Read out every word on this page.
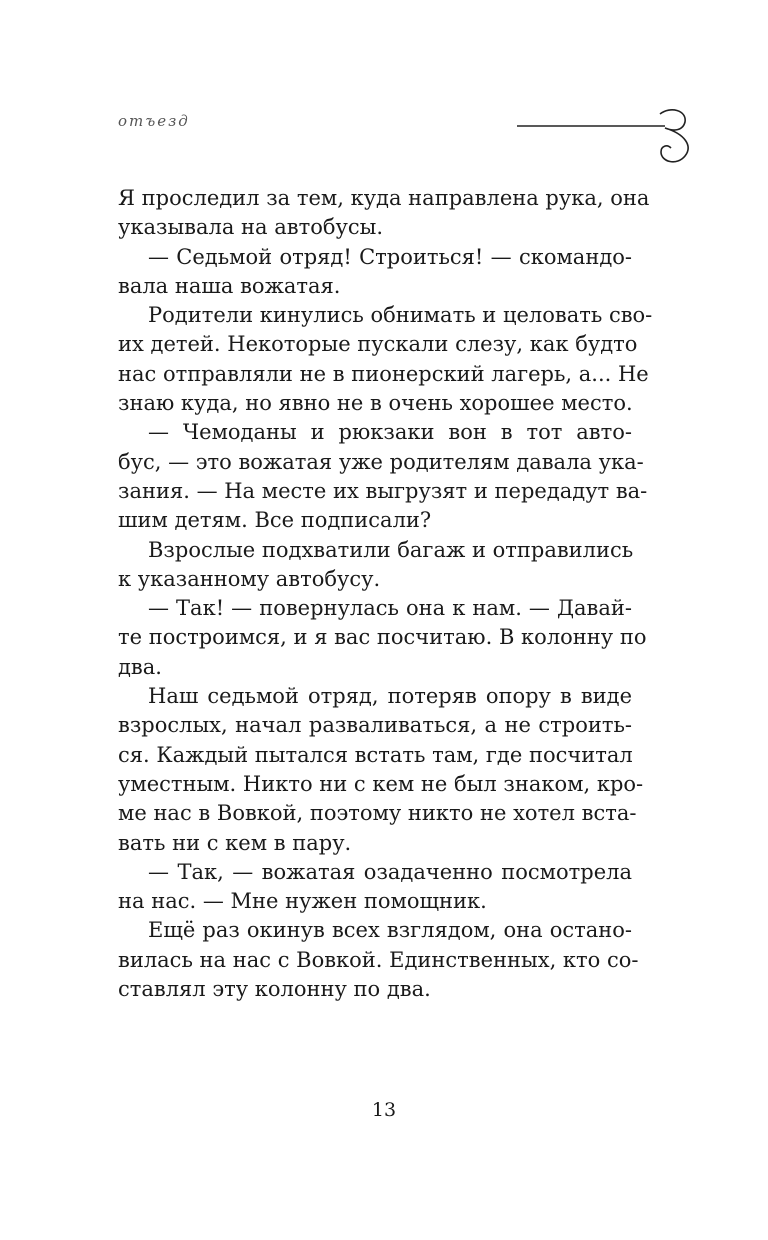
отъезд
Я проследил за тем, куда направлена рука, она
указывала на автобусы.
— Седьмой отряд! Строиться! — скомандо-
вала наша вожатая.
Родители кинулись обнимать и целовать сво-
их детей. Некоторые пускали слезу, как будто
нас отправляли не в пионерский лагерь, а... Не
знаю куда, но явно не в очень хорошее место.
— Чемоданы и рюкзаки вон в тот авто-
бус, — это вожатая уже родителям давала ука-
зания. — На месте их выгрузят и передадут ва-
шим детям. Все подписали?
Взрослые подхватили багаж и отправились
к указанному автобусу.
— Так! — повернулась она к нам. — Давай-
те построимся, и я вас посчитаю. В колонну по
два.
Наш седьмой отряд, потеряв опору в виде
взрослых, начал разваливаться, а не строить-
ся. Каждый пытался встать там, где посчитал
уместным. Никто ни с кем не был знаком, кро-
ме нас в Вовкой, поэтому никто не хотел вста-
вать ни с кем в пару.
— Так, — вожатая озадаченно посмотрела
на нас. — Мне нужен помощник.
Ещё раз окинув всех взглядом, она остано-
вилась на нас с Вовкой. Единственных, кто со-
ставлял эту колонну по два.
13
